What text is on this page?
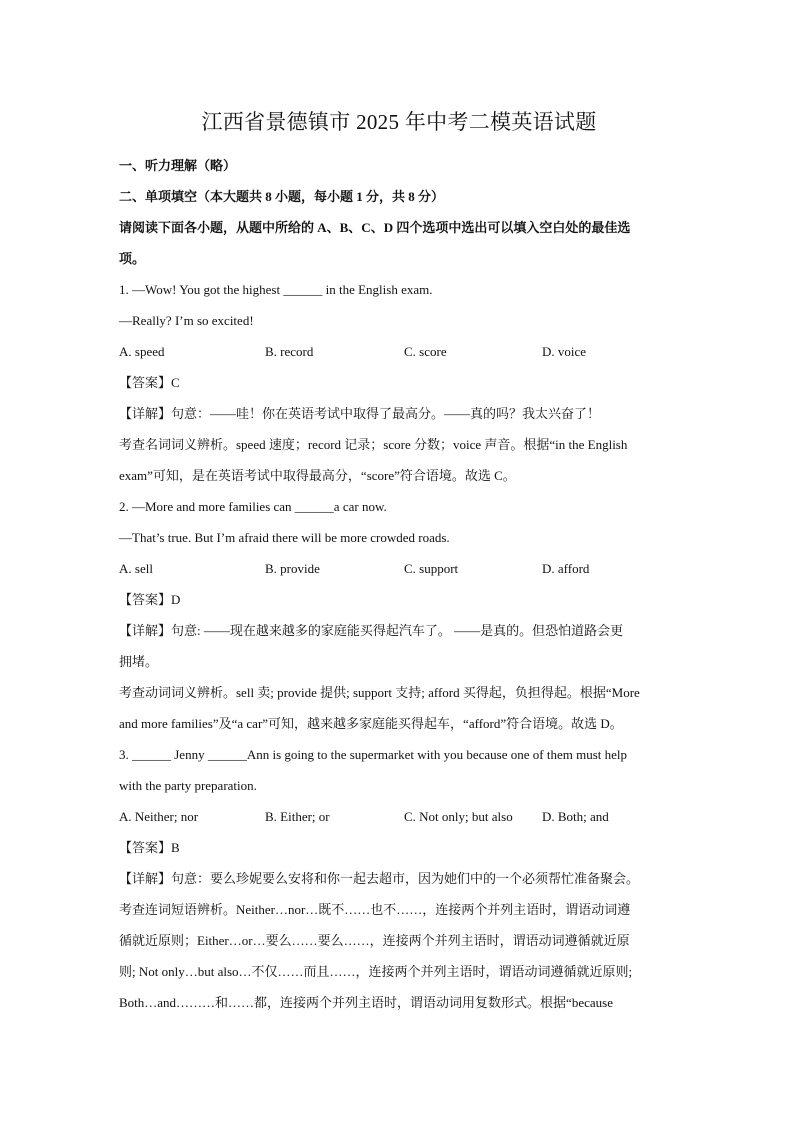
江西省景德镇市 2025 年中考二模英语试题
一、听力理解（略）
二、单项填空（本大题共 8 小题，每小题 1 分，共 8 分）
请阅读下面各小题，从题中所给的 A、B、C、D 四个选项中选出可以填入空白处的最佳选
项。
1. —Wow! You got the highest ______ in the English exam.
—Really? I’m so excited!
A. speed	B. record	C. score	D. voice
【答案】C
【详解】句意：——哇！你在英语考试中取得了最高分。——真的吗？我太兴奋了！
考查名词词义辨析。speed 速度；record 记录；score 分数；voice 声音。根据“in the English
exam”可知，是在英语考试中取得最高分，“score”符合语境。故选 C。
2. —More and more families can ______a car now.
—That’s true. But I’m afraid there will be more crowded roads.
A. sell	B. provide	C. support	D. afford
【答案】D
【详解】句意: ——现在越来越多的家庭能买得起汽车了。 ——是真的。但恐怕道路会更
拥堵。
考查动词词义辨析。sell 卖; provide 提供; support 支持; afford 买得起，负担得起。根据“More
and more families”及“a car”可知，越来越多家庭能买得起车，“afford”符合语境。故选 D。
3. ______ Jenny ______Ann is going to the supermarket with you because one of them must help
with the party preparation.
A. Neither; nor	B. Either; or	C. Not only; but also	D. Both; and
【答案】B
【详解】句意：要么珍妮要么安将和你一起去超市，因为她们中的一个必须帮忙准备聚会。
考查连词短语辨析。Neither…nor…既不……也不……，连接两个并列主语时，谓语动词遵
循就近原则；Either…or…要么……要么……，连接两个并列主语时，谓语动词遵循就近原
则; Not only…but also…不仅……而且……，连接两个并列主语时，谓语动词遵循就近原则;
Both…and………和……都，连接两个并列主语时，谓语动词用复数形式。根据“because
